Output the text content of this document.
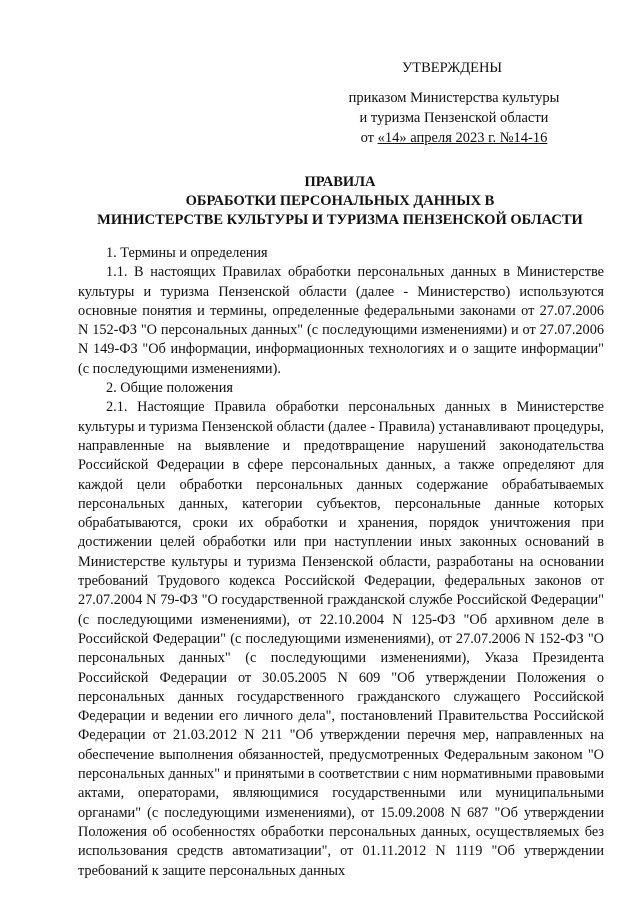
УТВЕРЖДЕНЫ
приказом Министерства культуры
и туризма Пензенской области
от «14» апреля 2023 г. №14-16
ПРАВИЛА
ОБРАБОТКИ ПЕРСОНАЛЬНЫХ ДАННЫХ В
МИНИСТЕРСТВЕ КУЛЬТУРЫ И ТУРИЗМА ПЕНЗЕНСКОЙ ОБЛАСТИ

1. Термины и определения

1.1. В настоящих Правилах обработки персональных данных в Министерстве культуры и туризма Пензенской области (далее - Министерство) используются основные понятия и термины, определенные федеральными законами от 27.07.2006 N 152-ФЗ "О персональных данных" (с последующими изменениями) и от 27.07.2006 N 149-ФЗ "Об информации, информационных технологиях и о защите информации" (с последующими изменениями).

2. Общие положения

2.1. Настоящие Правила обработки персональных данных в Министерстве культуры и туризма Пензенской области (далее - Правила) устанавливают процедуры, направленные на выявление и предотвращение нарушений законодательства Российской Федерации в сфере персональных данных, а также определяют для каждой цели обработки персональных данных содержание обрабатываемых персональных данных, категории субъектов, персональные данные которых обрабатываются, сроки их обработки и хранения, порядок уничтожения при достижении целей обработки или при наступлении иных законных оснований в Министерстве культуры и туризма Пензенской области, разработаны на основании требований Трудового кодекса Российской Федерации, федеральных законов от 27.07.2004 N 79-ФЗ "О государственной гражданской службе Российской Федерации" (с последующими изменениями), от 22.10.2004 N 125-ФЗ "Об архивном деле в Российской Федерации" (с последующими изменениями), от 27.07.2006 N 152-ФЗ "О персональных данных" (с последующими изменениями), Указа Президента Российской Федерации от 30.05.2005 N 609 "Об утверждении Положения о персональных данных государственного гражданского служащего Российской Федерации и ведении его личного дела", постановлений Правительства Российской Федерации от 21.03.2012 N 211 "Об утверждении перечня мер, направленных на обеспечение выполнения обязанностей, предусмотренных Федеральным законом "О персональных данных" и принятыми в соответствии с ним нормативными правовыми актами, операторами, являющимися государственными или муниципальными органами" (с последующими изменениями), от 15.09.2008 N 687 "Об утверждении Положения об особенностях обработки персональных данных, осуществляемых без использования средств автоматизации", от 01.11.2012 N 1119 "Об утверждении требований к защите персональных данных
